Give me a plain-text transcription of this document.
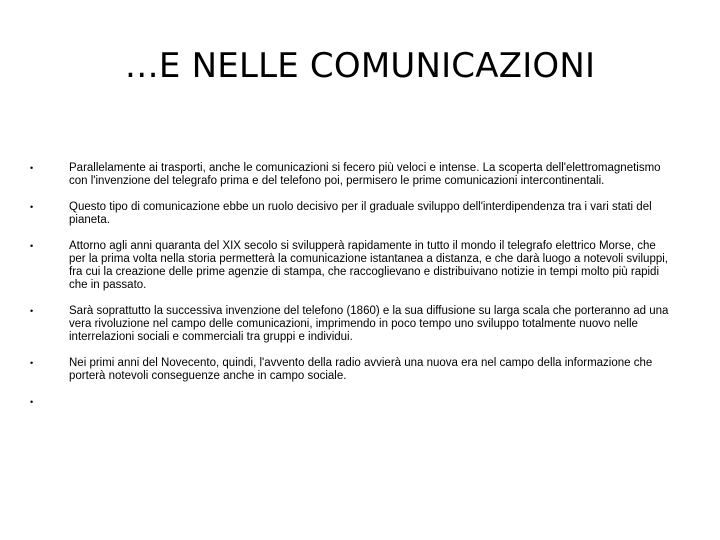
…E NELLE COMUNICAZIONI
•	Parallelamente ai trasporti, anche le comunicazioni si fecero più veloci e intense. La scoperta dell'elettromagnetismo con l'invenzione del telegrafo prima e del telefono poi, permisero le prime comunicazioni intercontinentali.
•	Questo tipo di comunicazione ebbe un ruolo decisivo per il graduale sviluppo dell'interdipendenza tra i vari stati del pianeta.
•	Attorno agli anni quaranta del XIX secolo si svilupperà rapidamente in tutto il mondo il telegrafo elettrico Morse, che per la prima volta nella storia permetterà la comunicazione istantanea a distanza, e che darà luogo a notevoli sviluppi, fra cui la creazione delle prime agenzie di stampa, che raccoglievano e distribuivano notizie in tempi molto più rapidi che in passato.
•	Sarà soprattutto la successiva invenzione del telefono (1860) e la sua diffusione su larga scala che porteranno ad una vera rivoluzione nel campo delle comunicazioni, imprimendo in poco tempo uno sviluppo totalmente nuovo nelle interrelazioni sociali e commerciali tra gruppi e individui.
•	Nei primi anni del Novecento, quindi, l'avvento della radio avvierà una nuova era nel campo della informazione che porterà notevoli conseguenze anche in campo sociale.
•
